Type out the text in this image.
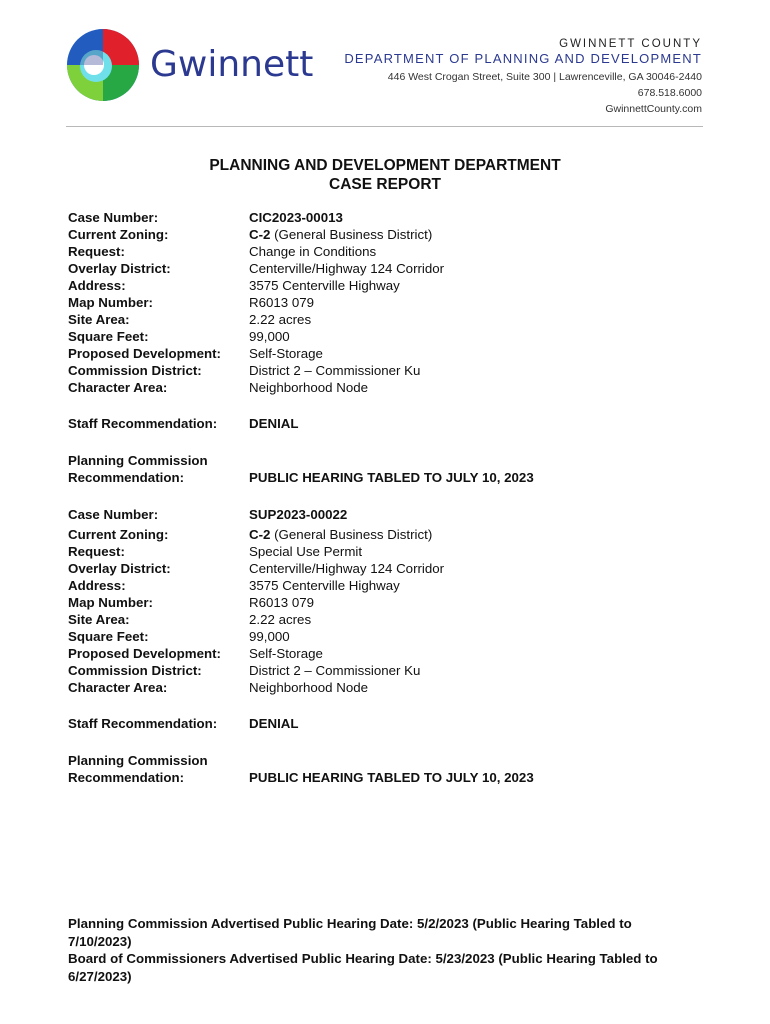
Gwinnett	GWINNETT COUNTY
DEPARTMENT OF PLANNING AND DEVELOPMENT
446 West Crogan Street, Suite 300 | Lawrenceville, GA 30046-2440
678.518.6000
GwinnettCounty.com
PLANNING AND DEVELOPMENT DEPARTMENT
CASE REPORT
Case Number:	CIC2023-00013
Current Zoning:	C-2 (General Business District)
Request:	Change in Conditions
Overlay District:	Centerville/Highway 124 Corridor
Address:	3575 Centerville Highway
Map Number:	R6013 079
Site Area:	2.22 acres
Square Feet:	99,000
Proposed Development:	Self-Storage
Commission District:	District 2 – Commissioner Ku
Character Area:	Neighborhood Node
Staff Recommendation:	DENIAL
Planning Commission
Recommendation:	PUBLIC HEARING TABLED TO JULY 10, 2023
Case Number:	SUP2023-00022
Current Zoning:	C-2 (General Business District)
Request:	Special Use Permit
Overlay District:	Centerville/Highway 124 Corridor
Address:	3575 Centerville Highway
Map Number:	R6013 079
Site Area:	2.22 acres
Square Feet:	99,000
Proposed Development:	Self-Storage
Commission District:	District 2 – Commissioner Ku
Character Area:	Neighborhood Node
Staff Recommendation:	DENIAL
Planning Commission
Recommendation:	PUBLIC HEARING TABLED TO JULY 10, 2023
Planning Commission Advertised Public Hearing Date: 5/2/2023 (Public Hearing Tabled to 7/10/2023)
Board of Commissioners Advertised Public Hearing Date: 5/23/2023 (Public Hearing Tabled to 6/27/2023)
